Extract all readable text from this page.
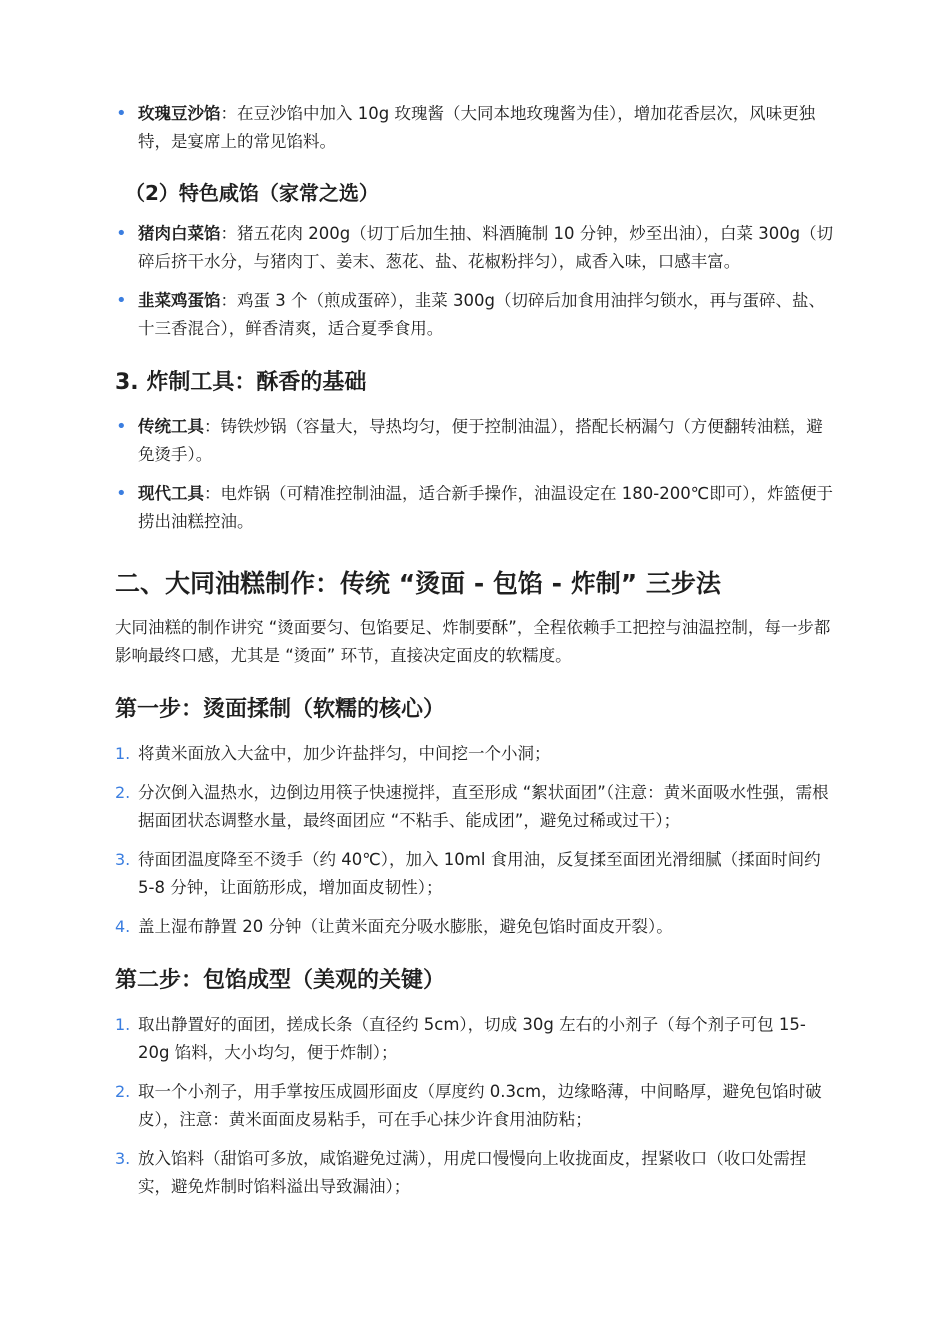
• 玫瑰豆沙馅：在豆沙馅中加入 10g 玫瑰酱（大同本地玫瑰酱为佳），增加花香层次，风味更独特，是宴席上的常见馅料。
（2）特色咸馅（家常之选）
• 猪肉白菜馅：猪五花肉 200g（切丁后加生抽、料酒腌制 10 分钟，炒至出油），白菜 300g（切碎后挤干水分，与猪肉丁、姜末、葱花、盐、花椒粉拌匀），咸香入味，口感丰富。
• 韭菜鸡蛋馅：鸡蛋 3 个（煎成蛋碎），韭菜 300g（切碎后加食用油拌匀锁水，再与蛋碎、盐、十三香混合），鲜香清爽，适合夏季食用。
3. 炸制工具：酥香的基础
• 传统工具：铸铁炒锅（容量大，导热均匀，便于控制油温），搭配长柄漏勺（方便翻转油糕，避免烫手）。
• 现代工具：电炸锅（可精准控制油温，适合新手操作，油温设定在 180-200℃即可），炸篮便于捞出油糕控油。
二、大同油糕制作：传统 “烫面 - 包馅 - 炸制” 三步法

大同油糕的制作讲究 “烫面要匀、包馅要足、炸制要酥”，全程依赖手工把控与油温控制，每一步都影响最终口感，尤其是 “烫面” 环节，直接决定面皮的软糯度。

第一步：烫面揉制（软糯的核心）
1. 将黄米面放入大盆中，加少许盐拌匀，中间挖一个小洞；
2. 分次倒入温热水，边倒边用筷子快速搅拌，直至形成 “絮状面团”（注意：黄米面吸水性强，需根据面团状态调整水量，最终面团应 “不粘手、能成团”，避免过稀或过干）；
3. 待面团温度降至不烫手（约 40℃），加入 10ml 食用油，反复揉至面团光滑细腻（揉面时间约 5-8 分钟，让面筋形成，增加面皮韧性）；
4. 盖上湿布静置 20 分钟（让黄米面充分吸水膨胀，避免包馅时面皮开裂）。
第二步：包馅成型（美观的关键）
1. 取出静置好的面团，搓成长条（直径约 5cm），切成 30g 左右的小剂子（每个剂子可包 15-20g 馅料，大小均匀，便于炸制）；
2. 取一个小剂子，用手掌按压成圆形面皮（厚度约 0.3cm，边缘略薄，中间略厚，避免包馅时破皮），注意：黄米面面皮易粘手，可在手心抹少许食用油防粘；
3. 放入馅料（甜馅可多放，咸馅避免过满），用虎口慢慢向上收拢面皮，捏紧收口（收口处需捏实，避免炸制时馅料溢出导致漏油）；
